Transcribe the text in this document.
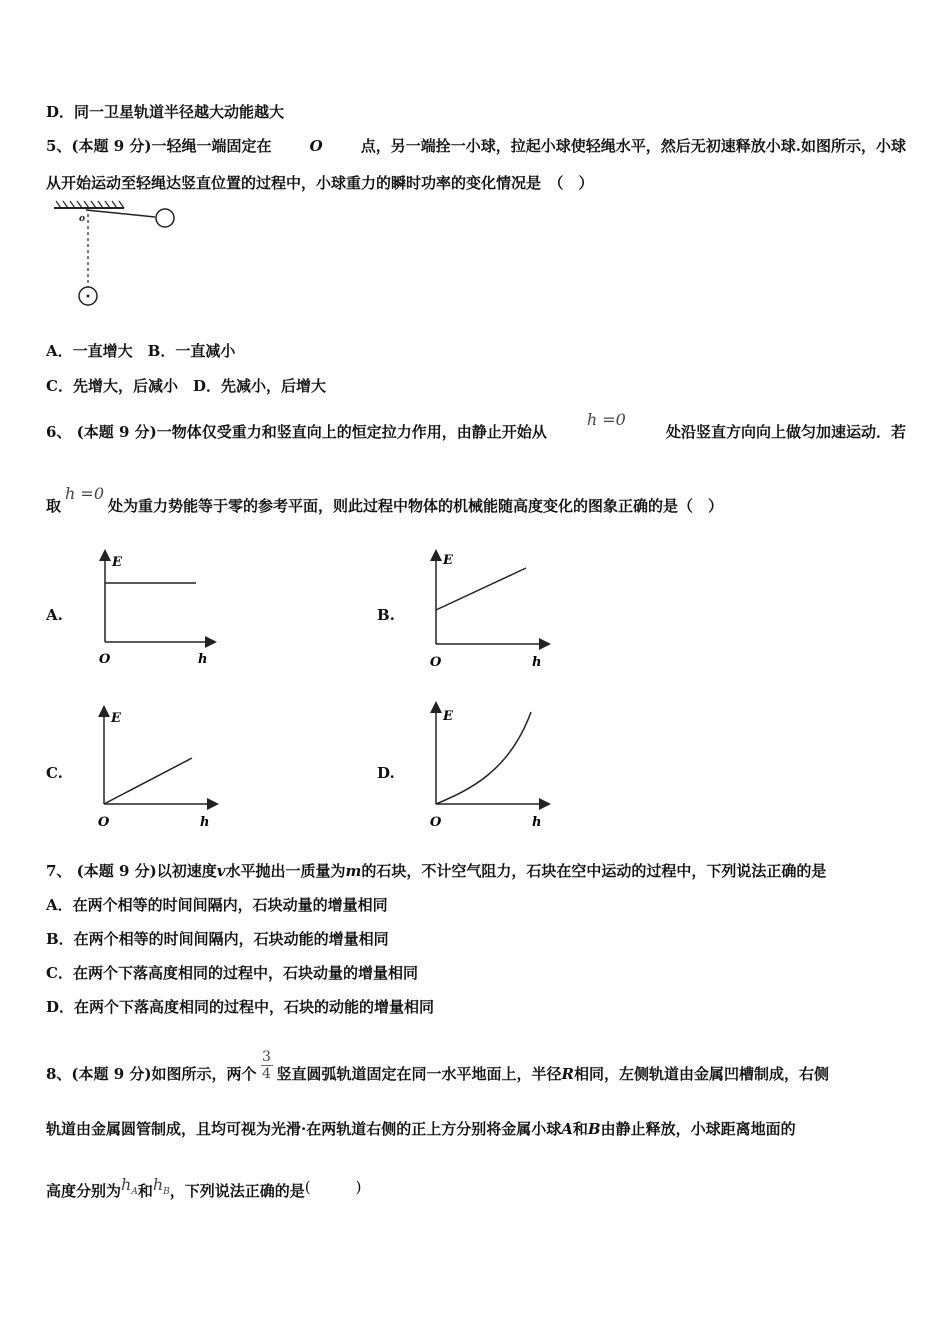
D．同一卫星轨道半径越大动能越大
5、(本题 9 分)一轻绳一端固定在	O	点，另一端拴一小球，拉起小球使轻绳水平，然后无初速释放小球.如图所示，小球
从开始运动至轻绳达竖直位置的过程中，小球重力的瞬时功率的变化情况是　（　）
o
A．一直增大　B．一直减小
C．先增大，后减小　D．先减小，后增大
6、 (本题 9 分)一物体仅受重力和竖直向上的恒定拉力作用，由静止开始从
h =0
处沿竖直方向向上做匀加速运动．若
取h =0处为重力势能等于零的参考平面，则此过程中物体的机械能随高度变化的图象正确的是（　）
A.	B.
C.	D.
E
h
O
E
h
O
E
h
O
E
h
O
7、 (本题 9 分)以初速度v水平抛出一质量为m的石块，不计空气阻力，石块在空中运动的过程中，下列说法正确的是
A．在两个相等的时间间隔内，石块动量的增量相同
B．在两个相等的时间间隔内，石块动能的增量相同
C．在两个下落高度相同的过程中，石块动量的增量相同
D．在两个下落高度相同的过程中，石块的动能的增量相同
8、(本题 9 分)如图所示，两个
3
4 竖直圆弧轨道固定在同一水平地面上，半径 R 相同，左侧轨道由金属凹槽制成，右侧
轨道由金属圆管制成，且均可视为光滑·在两轨道右侧的正上方分别将金属小球A和B由静止释放，小球距离地面的
高度分别为$h_A$和$h_B$，下列说法正确的是(　　　)
